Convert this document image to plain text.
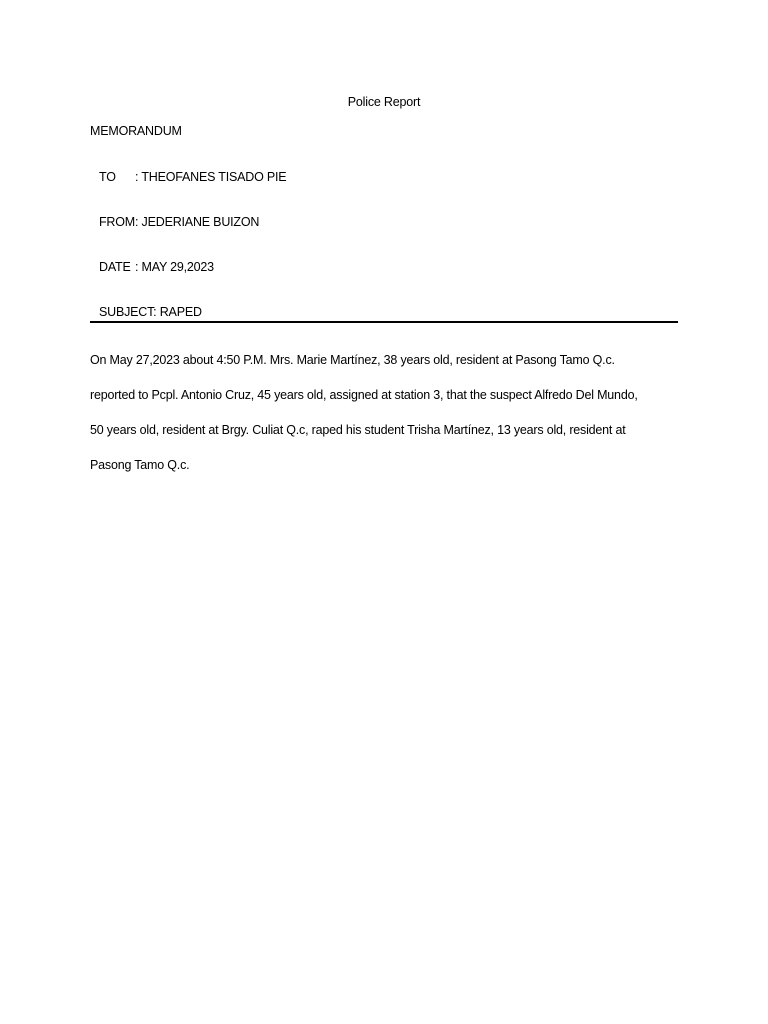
Police Report
MEMORANDUM
TO : THEOFANES TISADO PIE
FROM: JEDERIANE BUIZON
DATE : MAY 29,2023
SUBJECT: RAPED
On May 27,2023 about 4:50 P.M. Mrs. Marie Martínez, 38 years old, resident at Pasong Tamo Q.c.
reported to Pcpl. Antonio Cruz, 45 years old, assigned at station 3, that the suspect Alfredo Del Mundo,
50 years old, resident at Brgy. Culiat Q.c, raped his student Trisha Martínez, 13 years old, resident at
Pasong Tamo Q.c.
